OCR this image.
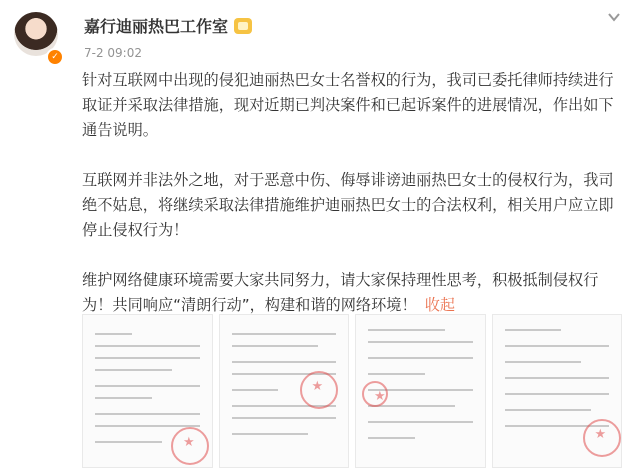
✓
嘉行迪丽热巴工作室
7-2 09:02

针对互联网中出现的侵犯迪丽热巴女士名誉权的行为，我司已委托律师持续进行取证并采取法律措施，现对近期已判决案件和已起诉案件的进展情况，作出如下通告说明。

互联网并非法外之地，对于恶意中伤、侮辱诽谤迪丽热巴女士的侵权行为，我司绝不姑息，将继续采取法律措施维护迪丽热巴女士的合法权利，相关用户应立即停止侵权行为！

维护网络健康环境需要大家共同努力，请大家保持理性思考，积极抵制侵权行为！共同响应“清朗行动”，构建和谐的网络环境！ 收起

★
★
★
★
